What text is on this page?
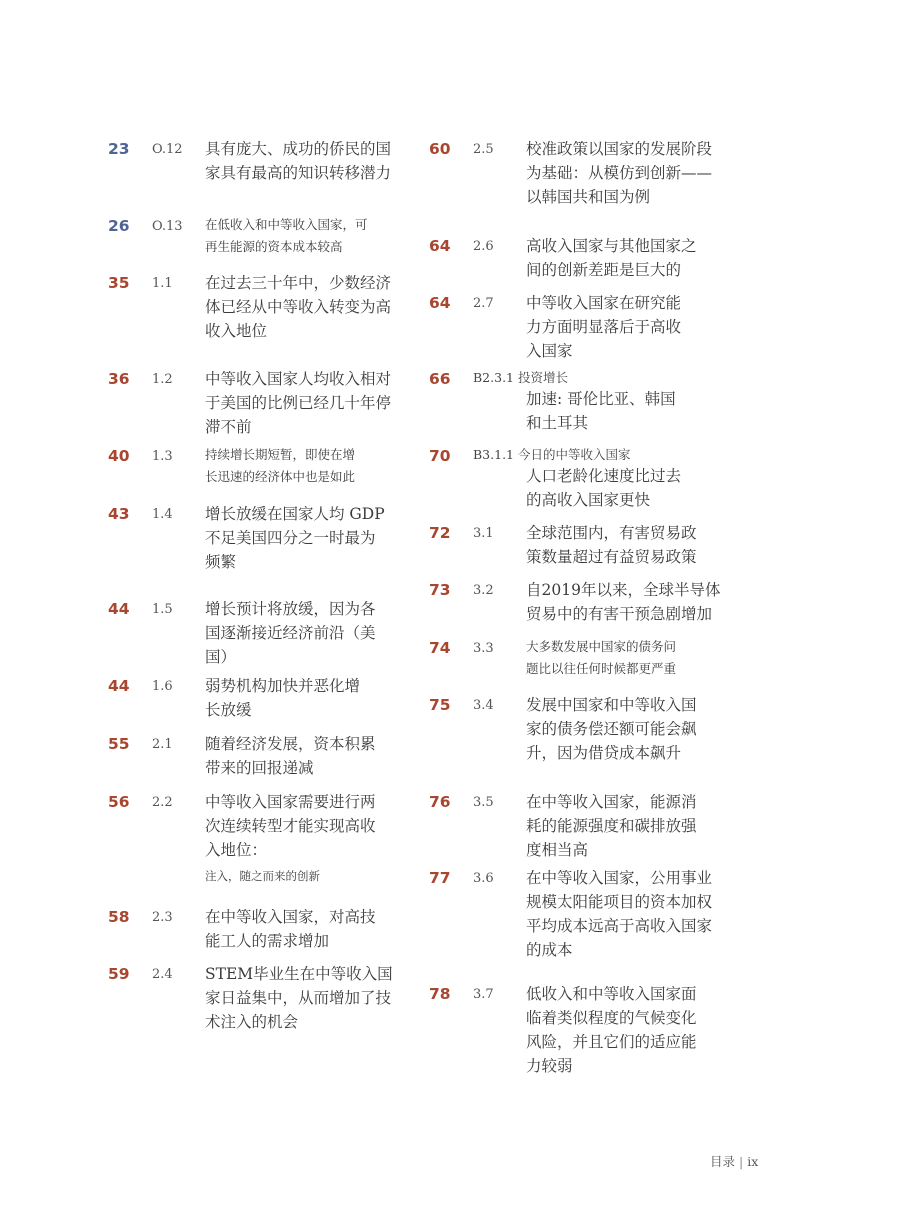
23 O.12 具有庞大、成功的侨民的国
家具有最高的知识转移潜力
26 O.13 在低收入和中等收入国家，可
再生能源的资本成本较高
35 1.1 在过去三十年中，少数经济
体已经从中等收入转变为高
收入地位
36 1.2 中等收入国家人均收入相对
于美国的比例已经几十年停
滞不前
40 1.3	持续增长期短暂，即使在增
长迅速的经济体中也是如此
43 1.4 增长放缓在国家人均 GDP
不足美国四分之一时最为
频繁
44 1.5 增长预计将放缓，因为各
国逐渐接近经济前沿（美
国）
44 1.6 弱势机构加快并恶化增
长放缓
55 2.1 随着经济发展，资本积累
带来的回报递减
56 2.2 中等收入国家需要进行两
次连续转型才能实现高收
入地位：
注入，随之而来的创新
58 2.3 在中等收入国家，对高技
能工人的需求增加
59 2.4 STEM毕业生在中等收入国
家日益集中，从而增加了技
术注入的机会
60 2.5 校准政策以国家的发展阶段
为基础：从模仿到创新——
以韩国共和国为例
64 2.6 高收入国家与其他国家之
间的创新差距是巨大的
64 2.7 中等收入国家在研究能
力方面明显落后于高收
入国家
66 B2.3.1 投资增长
加速: 哥伦比亚、韩国
和土耳其
70 B3.1.1 今日的中等收入国家
人口老龄化速度比过去
的高收入国家更快
72 3.1 全球范围内，有害贸易政
策数量超过有益贸易政策
73 3.2 自2019年以来，全球半导体
贸易中的有害干预急剧增加
74 3.3	大多数发展中国家的债务问
题比以往任何时候都更严重
75 3.4 发展中国家和中等收入国
家的债务偿还额可能会飙
升，因为借贷成本飙升
76 3.5 在中等收入国家，能源消
耗的能源强度和碳排放强
度相当高
77 3.6 在中等收入国家，公用事业
规模太阳能项目的资本加权
平均成本远高于高收入国家
的成本
78 3.7 低收入和中等收入国家面
临着类似程度的气候变化
风险，并且它们的适应能
力较弱
目录 | ix
